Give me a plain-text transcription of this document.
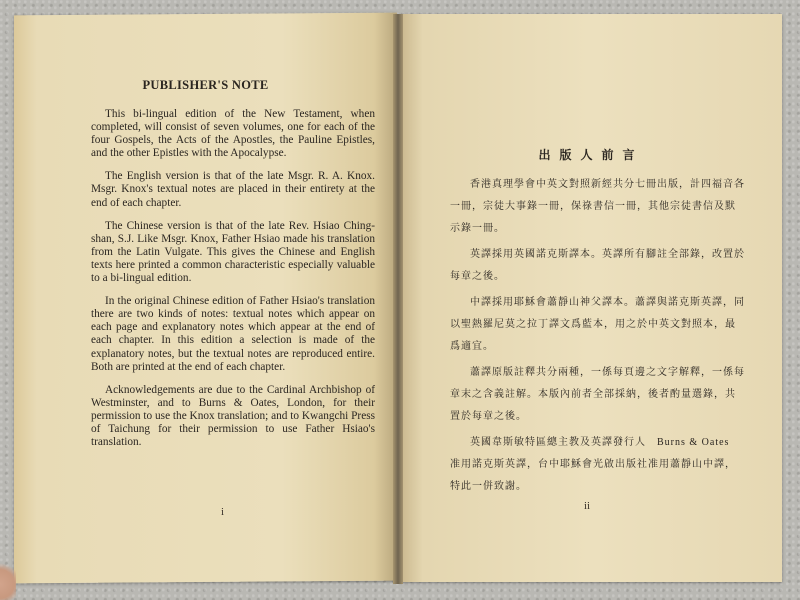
PUBLISHER'S NOTE

This bi-lingual edition of the New Testament, when completed, will consist of seven volumes, one for each of the four Gospels, the Acts of the Apostles, the Pauline Epistles, and the other Epistles with the Apocalypse.

The English version is that of the late Msgr. R. A. Knox. Msgr. Knox's textual notes are placed in their entirety at the end of each chapter.

The Chinese version is that of the late Rev. Hsiao Ching-shan, S.J. Like Msgr. Knox, Father Hsiao made his translation from the Latin Vulgate. This gives the Chinese and English texts here printed a common characteristic especially valuable to a bi-lingual edition.

In the original Chinese edition of Father Hsiao's translation there are two kinds of notes: textual notes which appear on each page and explanatory notes which appear at the end of each chapter. In this edition a selection is made of the explanatory notes, but the textual notes are reproduced entire. Both are printed at the end of each chapter.

Acknowledgements are due to the Cardinal Archbishop of Westminster, and to Burns & Oates, London, for their permission to use the Knox translation; and to Kwangchi Press of Taichung for their permission to use Father Hsiao's translation.

i
出版人前言

香港真理學會中英文對照新經共分七冊出版，計四福音各一冊，宗徒大事錄一冊，保祿書信一冊，其他宗徒書信及默示錄一冊。

英譯採用英國諾克斯譯本。英譯所有腳註全部錄，改置於每章之後。

中譯採用耶穌會蕭靜山神父譯本。蕭譯與諾克斯英譯，同以聖熱羅尼莫之拉丁譯文爲藍本，用之於中英文對照本，最爲適宜。

蕭譯原版註釋共分兩種，一係每頁邊之文字解釋，一係每章末之含義註解。本版內前者全部採納，後者酌量選錄，共置於每章之後。

英國韋斯敏特區總主教及英譯發行人　Burns & Oates　准用諾克斯英譯，台中耶穌會光啟出版社准用蕭靜山中譯，特此一併致謝。

ii
